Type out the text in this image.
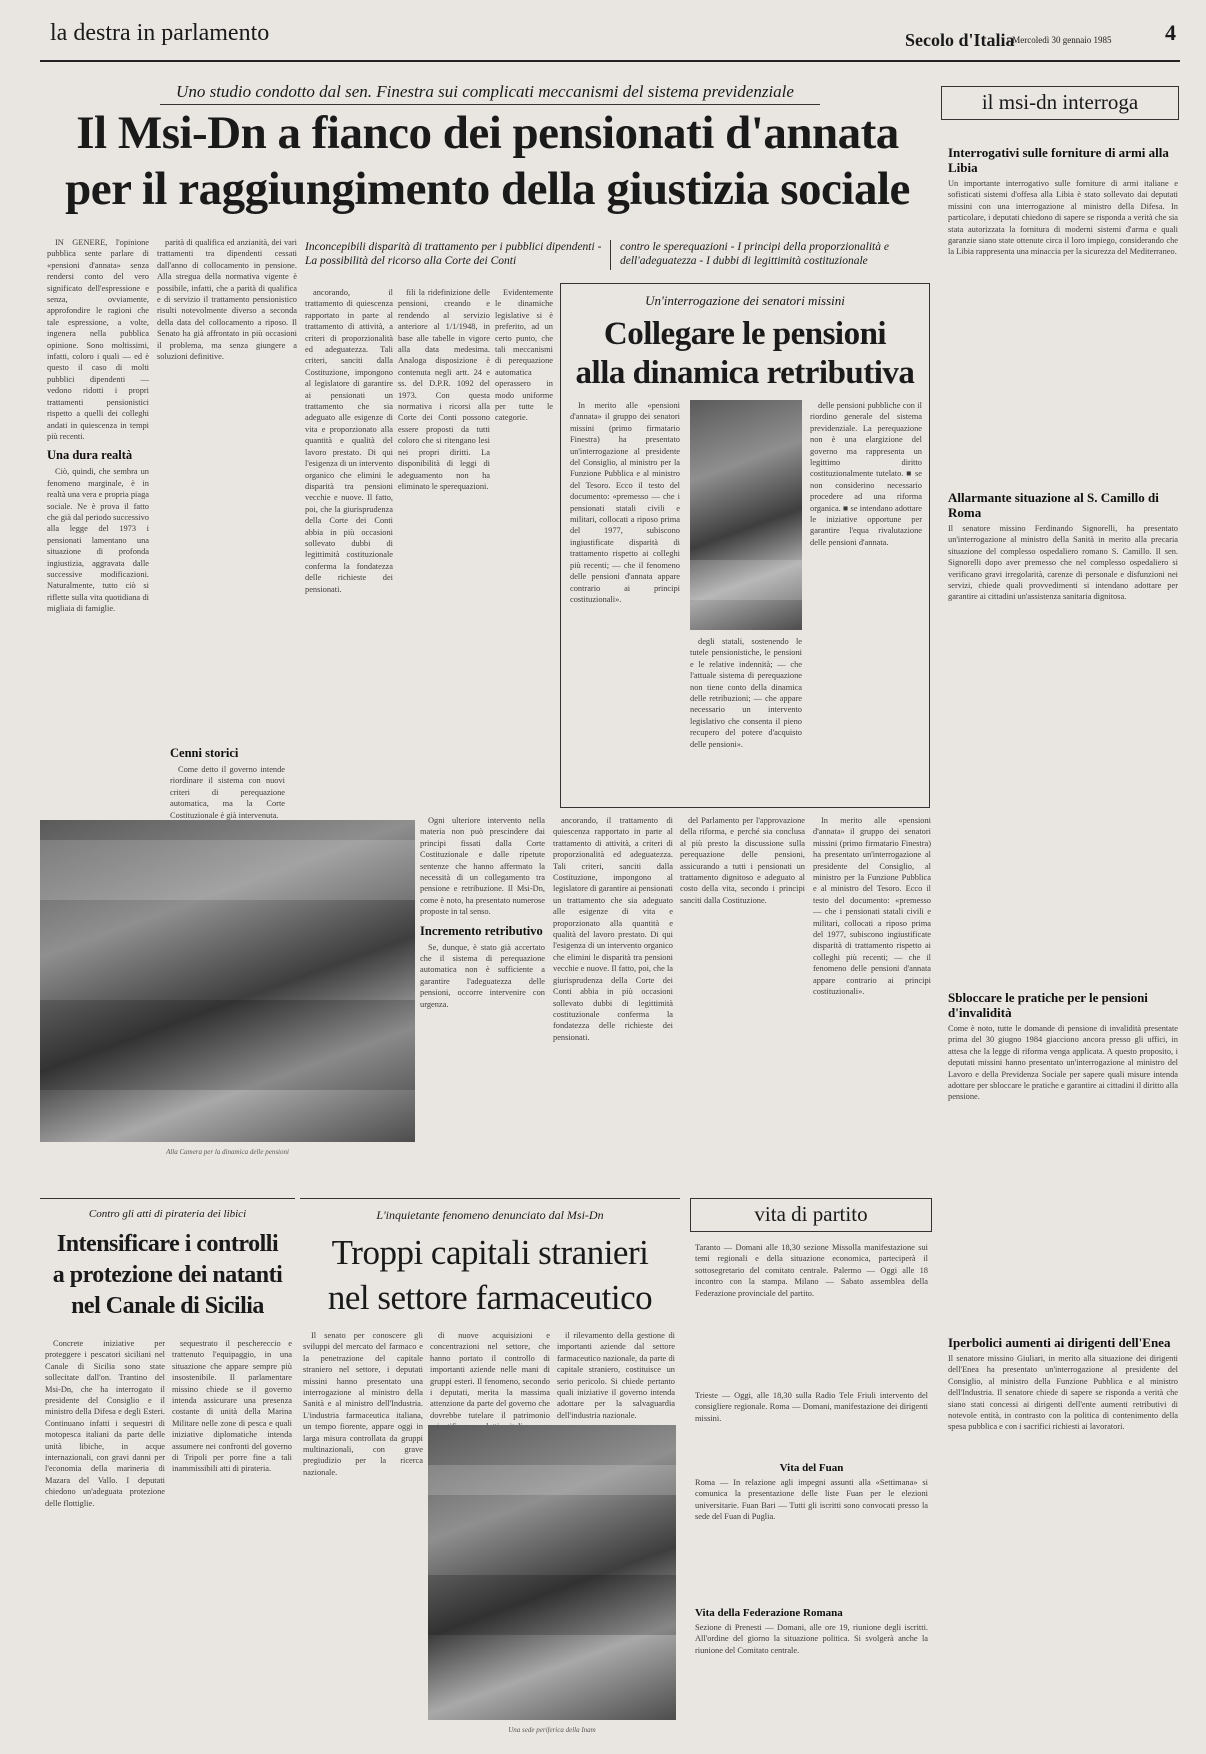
la destra in parlamento	Secolo d'Italia
- Mercoledì 30 gennaio 1985 4
Uno studio condotto dal sen. Finestra sui complicati meccanismi del sistema previdenziale
Il Msi-Dn a fianco dei pensionati d'annata
per il raggiungimento della giustizia sociale

IN GENERE, l'opinione pubblica sente parlare di «pensioni d'annata» senza rendersi conto del vero significato dell'espressione e senza, ovviamente, approfondire le ragioni che tale espressione, a volte, ingenera nella pubblica opinione. Sono moltissimi, infatti, coloro i quali — ed è questo il caso di molti pubblici dipendenti — vedono ridotti i propri trattamenti pensionistici rispetto a quelli dei colleghi andati in quiescenza in tempi più recenti.

Una dura realtà

Ciò, quindi, che sembra un fenomeno marginale, è in realtà una vera e propria piaga sociale. Ne è prova il fatto che già dal periodo successivo alla legge del 1973 i pensionati lamentano una situazione di profonda ingiustizia, aggravata dalle successive modificazioni. Naturalmente, tutto ciò si riflette sulla vita quotidiana di migliaia di famiglie.

parità di qualifica ed anzianità, dei vari trattamenti tra dipendenti cessati dall'anno di collocamento in pensione. Alla stregua della normativa vigente è possibile, infatti, che a parità di qualifica e di servizio il trattamento pensionistico risulti notevolmente diverso a seconda della data del collocamento a riposo. Il Senato ha già affrontato in più occasioni il problema, ma senza giungere a soluzioni definitive.

Inconcepibili disparità di trattamento per i pubblici dipendenti - La possibilità del ricorso alla Corte dei Conti
contro le sperequazioni - I principi della proporzionalità e dell'adeguatezza - I dubbi di legittimità costituzionale

ancorando, il trattamento di quiescenza rapportato in parte al trattamento di attività, a criteri di proporzionalità ed adeguatezza. Tali criteri, sanciti dalla Costituzione, impongono al legislatore di garantire ai pensionati un trattamento che sia adeguato alle esigenze di vita e proporzionato alla quantità e qualità del lavoro prestato. Di qui l'esigenza di un intervento organico che elimini le disparità tra pensioni vecchie e nuove. Il fatto, poi, che la giurisprudenza della Corte dei Conti abbia in più occasioni sollevato dubbi di legittimità costituzionale conferma la fondatezza delle richieste dei pensionati.

fili la ridefinizione delle pensioni, creando e rendendo al servizio anteriore al 1/1/1948, in base alle tabelle in vigore alla data medesima. Analoga disposizione è contenuta negli artt. 24 e ss. del D.P.R. 1092 del 1973. Con questa normativa i ricorsi alla Corte dei Conti possono essere proposti da tutti coloro che si ritengano lesi nei propri diritti. La disponibilità di leggi di adeguamento non ha eliminato le sperequazioni.

Evidentemente le dinamiche legislative si è preferito, ad un certo punto, che tali meccanismi di perequazione automatica operassero in modo uniforme per tutte le categorie.

Un'interrogazione dei senatori missini
Collegare le pensioni
alla dinamica retributiva

In merito alle «pensioni d'annata» il gruppo dei senatori missini (primo firmatario Finestra) ha presentato un'interrogazione al presidente del Consiglio, al ministro per la Funzione Pubblica e al ministro del Tesoro. Ecco il testo del documento: «premesso — che i pensionati statali civili e militari, collocati a riposo prima del 1977, subiscono ingiustificate disparità di trattamento rispetto ai colleghi più recenti; — che il fenomeno delle pensioni d'annata appare contrario ai principi costituzionali».

degli statali, sostenendo le tutele pensionistiche, le pensioni e le relative indennità; — che l'attuale sistema di perequazione non tiene conto della dinamica delle retribuzioni; — che appare necessario un intervento legislativo che consenta il pieno recupero del potere d'acquisto delle pensioni».

delle pensioni pubbliche con il riordino generale del sistema previdenziale. La perequazione non è una elargizione del governo ma rappresenta un legittimo diritto costituzionalmente tutelato. ■ se non considerino necessario procedere ad una riforma organica. ■ se intendano adottare le iniziative opportune per garantire l'equa rivalutazione delle pensioni d'annata.

Alla Camera per la dinamica delle pensioni
Cenni storici

Come detto il governo intende riordinare il sistema con nuovi criteri di perequazione automatica, ma la Corte Costituzionale è già intervenuta.

Ogni ulteriore intervento nella materia non può prescindere dai principi fissati dalla Corte Costituzionale e dalle ripetute sentenze che hanno affermato la necessità di un collegamento tra pensione e retribuzione. Il Msi-Dn, come è noto, ha presentato numerose proposte in tal senso.

Incremento retributivo

Se, dunque, è stato già accertato che il sistema di perequazione automatica non è sufficiente a garantire l'adeguatezza delle pensioni, occorre intervenire con urgenza.

ancorando, il trattamento di quiescenza rapportato in parte al trattamento di attività, a criteri di proporzionalità ed adeguatezza. Tali criteri, sanciti dalla Costituzione, impongono al legislatore di garantire ai pensionati un trattamento che sia adeguato alle esigenze di vita e proporzionato alla quantità e qualità del lavoro prestato. Di qui l'esigenza di un intervento organico che elimini le disparità tra pensioni vecchie e nuove. Il fatto, poi, che la giurisprudenza della Corte dei Conti abbia in più occasioni sollevato dubbi di legittimità costituzionale conferma la fondatezza delle richieste dei pensionati.

del Parlamento per l'approvazione della riforma, e perché sia conclusa al più presto la discussione sulla perequazione delle pensioni, assicurando a tutti i pensionati un trattamento dignitoso e adeguato al costo della vita, secondo i principi sanciti dalla Costituzione.

In merito alle «pensioni d'annata» il gruppo dei senatori missini (primo firmatario Finestra) ha presentato un'interrogazione al presidente del Consiglio, al ministro per la Funzione Pubblica e al ministro del Tesoro. Ecco il testo del documento: «premesso — che i pensionati statali civili e militari, collocati a riposo prima del 1977, subiscono ingiustificate disparità di trattamento rispetto ai colleghi più recenti; — che il fenomeno delle pensioni d'annata appare contrario ai principi costituzionali».

il msi-dn interroga
Interrogativi sulle forniture di armi alla Libia
Un importante interrogativo sulle forniture di armi italiane e sofisticati sistemi d'offesa alla Libia è stato sollevato dai deputati missini con una interrogazione al ministro della Difesa. In particolare, i deputati chiedono di sapere se risponda a verità che sia stata autorizzata la fornitura di moderni sistemi d'arma e quali garanzie siano state ottenute circa il loro impiego, considerando che la Libia rappresenta una minaccia per la sicurezza del Mediterraneo.
Allarmante situazione al S. Camillo di Roma
Il senatore missino Ferdinando Signorelli, ha presentato un'interrogazione al ministro della Sanità in merito alla precaria situazione del complesso ospedaliero romano S. Camillo. Il sen. Signorelli dopo aver premesso che nel complesso ospedaliero si verificano gravi irregolarità, carenze di personale e disfunzioni nei servizi, chiede quali provvedimenti si intendano adottare per garantire ai cittadini un'assistenza sanitaria dignitosa.
Sbloccare le pratiche per le pensioni d'invalidità
Come è noto, tutte le domande di pensione di invalidità presentate prima del 30 giugno 1984 giacciono ancora presso gli uffici, in attesa che la legge di riforma venga applicata. A questo proposito, i deputati missini hanno presentato un'interrogazione al ministro del Lavoro e della Previdenza Sociale per sapere quali misure intenda adottare per sbloccare le pratiche e garantire ai cittadini il diritto alla pensione.
Iperbolici aumenti ai dirigenti dell'Enea
Il senatore missino Giuliari, in merito alla situazione dei dirigenti dell'Enea ha presentato un'interrogazione al presidente del Consiglio, al ministro della Funzione Pubblica e al ministro dell'Industria. Il senatore chiede di sapere se risponda a verità che siano stati concessi ai dirigenti dell'ente aumenti retributivi di notevole entità, in contrasto con la politica di contenimento della spesa pubblica e con i sacrifici richiesti ai lavoratori.
Contro gli atti di pirateria dei libici
Intensificare i controlli
a protezione dei natanti
nel Canale di Sicilia

Concrete iniziative per proteggere i pescatori siciliani nel Canale di Sicilia sono state sollecitate dall'on. Trantino del Msi-Dn, che ha interrogato il presidente del Consiglio e il ministro della Difesa e degli Esteri. Continuano infatti i sequestri di motopesca italiani da parte delle unità libiche, in acque internazionali, con gravi danni per l'economia della marineria di Mazara del Vallo. I deputati chiedono un'adeguata protezione delle flottiglie.

sequestrato il peschereccio e trattenuto l'equipaggio, in una situazione che appare sempre più insostenibile. Il parlamentare missino chiede se il governo intenda assicurare una presenza costante di unità della Marina Militare nelle zone di pesca e quali iniziative diplomatiche intenda assumere nei confronti del governo di Tripoli per porre fine a tali inammissibili atti di pirateria.

L'inquietante fenomeno denunciato dal Msi-Dn
Troppi capitali stranieri
nel settore farmaceutico

Il senato per conoscere gli sviluppi del mercato del farmaco e la penetrazione del capitale straniero nel settore, i deputati missini hanno presentato una interrogazione al ministro della Sanità e al ministro dell'Industria. L'industria farmaceutica italiana, un tempo fiorente, appare oggi in larga misura controllata da gruppi multinazionali, con grave pregiudizio per la ricerca nazionale.

di nuove acquisizioni e concentrazioni nel settore, che hanno portato il controllo di importanti aziende nelle mani di gruppi esteri. Il fenomeno, secondo i deputati, merita la massima attenzione da parte del governo che dovrebbe tutelare il patrimonio

il rilevamento della gestione di importanti aziende dal settore farmaceutico nazionale, da parte di capitale straniero, costituisce un serio pericolo. Si chiede pertanto quali iniziative il governo intenda adottare per la salvaguardia dell'industria nazionale.

Una sede periferica della Inam
vita di partito
Taranto — Domani alle 18,30 sezione Missolla manifestazione sui temi regionali e della situazione economica, parteciperà il sottosegretario del comitato centrale. Palermo — Oggi alle 18 incontro con la stampa. Milano — Sabato assemblea della Federazione provinciale del partito.
Trieste — Oggi, alle 18,30 sulla Radio Tele Friuli intervento del consigliere regionale. Roma — Domani, manifestazione dei dirigenti missini.
Vita del Fuan
Roma — In relazione agli impegni assunti alla «Settimana» si comunica la presentazione delle liste Fuan per le elezioni universitarie. Fuan Bari — Tutti gli iscritti sono convocati presso la sede del Fuan di Puglia.
Vita della Federazione Romana
Sezione di Prenesti — Domani, alle ore 19, riunione degli iscritti. All'ordine del giorno la situazione politica. Si svolgerà anche la riunione del Comitato centrale.
